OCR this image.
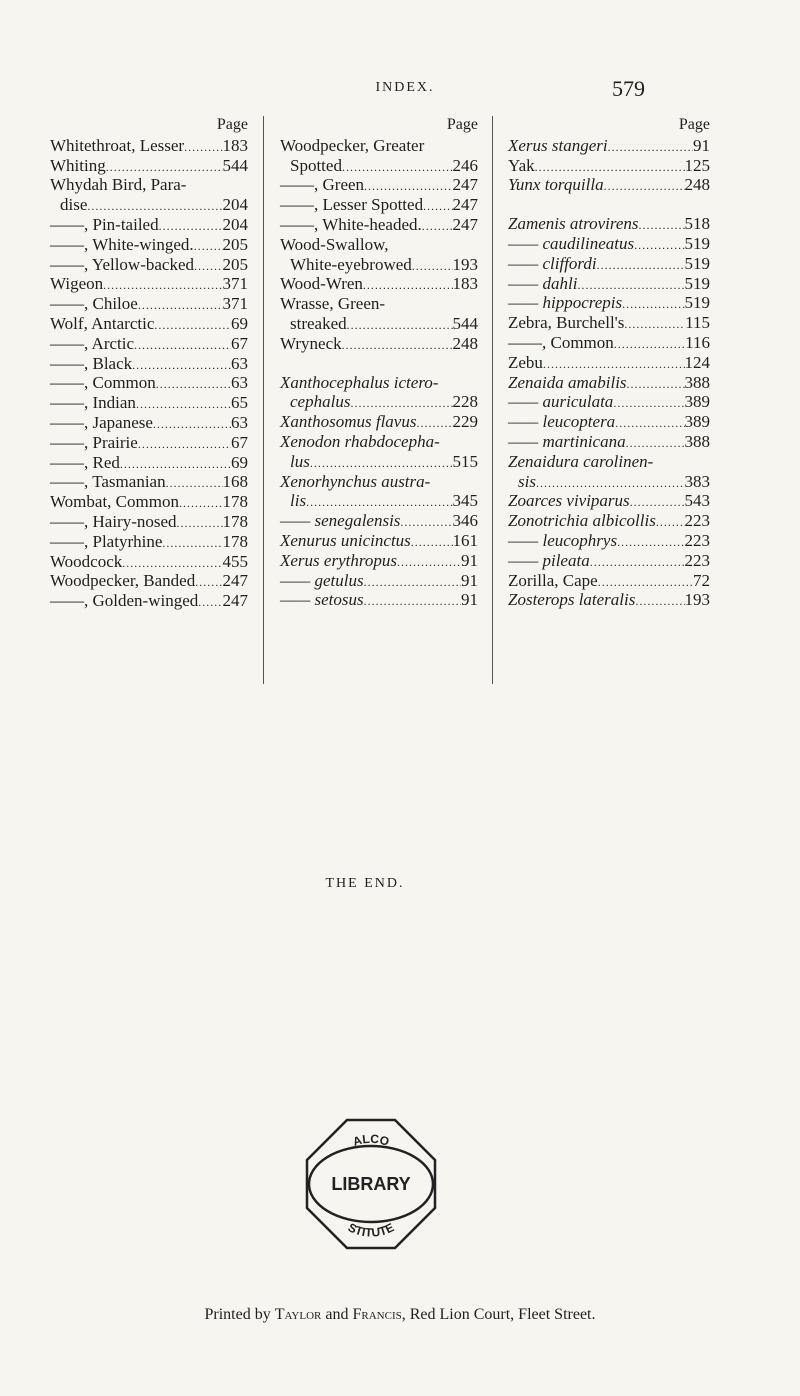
INDEX.	579
Page
Whitethroat, Lesser ..... 183
Whiting .....	544
Whydah Bird, Para-
dise .....	204
——, Pin-tailed .....	204
——, White-winged. ..... 205
——, Yellow-backed ..... 205
Wigeon .....	371
——, Chiloe .....	371
Wolf, Antarctic .....	69
——, Arctic .....	67
——, Black .....	63
——, Common .....	63
——, Indian .....	65
——, Japanese .....	63
——, Prairie .....	67
——, Red .....	69
——, Tasmanian .....	168
Wombat, Common .....	178
——, Hairy-nosed .....	178
——, Platyrhine .....	178
Woodcock .....	455
Woodpecker, Banded ..... 247
——, Golden-winged ..... 247
Page
Woodpecker, Greater
Spotted .....	246
——, Green .....	247
——, Lesser Spotted ..... 247
——, White-headed. ..... 247
Wood-Swallow,
White-eyebrowed ..... 193
Wood-Wren .....	183
Wrasse, Green-
streaked .....	544
Wryneck .....	248
Xanthocephalus ictero-
cephalus .....	228
Xanthosomus flavus ..... 229
Xenodon rhabdocepha-
lus .....	515
Xenorhynchus austra-
lis .....	345
—— senegalensis .....	346
Xenurus unicinctus ..... 161
Xerus erythropus .....	91
—— getulus .....	91
—— setosus .....	91
Page
Xerus stangeri .....	91
Yak .....	125
Yunx torquilla .....	248
Zamenis atrovirens .....	518
—— caudilineatus .....	519
—— cliffordi .....	519
—— dahli .....	519
—— hippocrepis .....	519
Zebra, Burchell's .....	115
——, Common .....	116
Zebu .....	124
Zenaida amabilis .....	388
—— auriculata .....	389
—— leucoptera .....	389
—— martinicana .....	388
Zenaidura carolinen-
sis .....	383
Zoarces viviparus .....	543
Zonotrichia albicollis ..... 223
—— leucophrys .....	223
—— pileata .....	223
Zorilla, Cape .....	72
Zosterops lateralis .....	193
THE END.
ALCO
LIBRARY
STITUTE
Printed by Taylor and Francis, Red Lion Court, Fleet Street.
